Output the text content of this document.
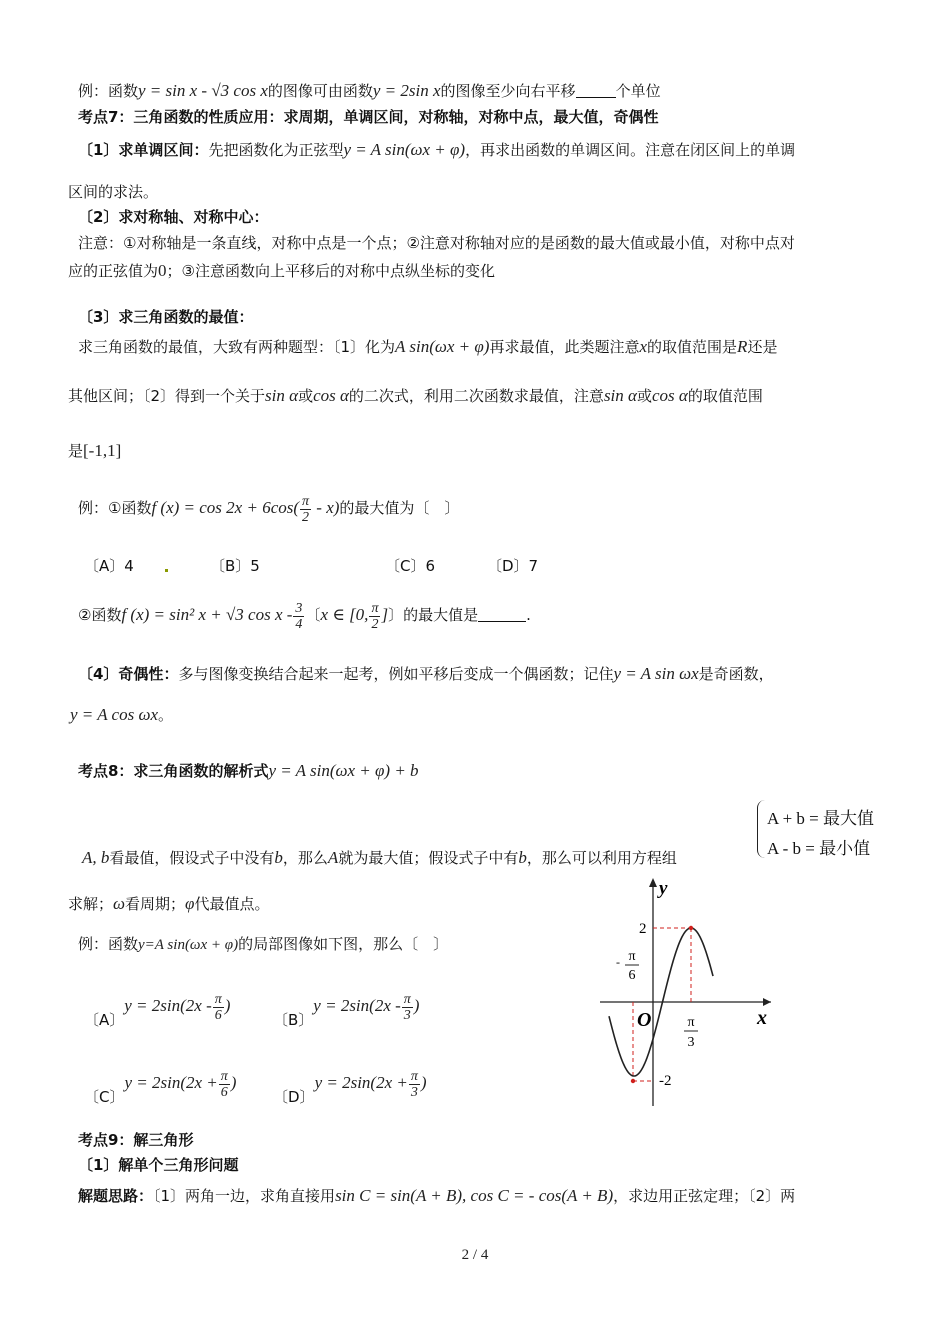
例：函数y = sin x - √3 cos x的图像可由函数y = 2sin x的图像至少向右平移	个单位
考点7：三角函数的性质应用：求周期，单调区间，对称轴，对称中点，最大值，奇偶性
〔1〕求单调区间：先把函数化为正弦型y = A sin(ωx + φ)，再求出函数的单调区间。注意在闭区间上的单调
区间的求法。
〔2〕求对称轴、对称中心：
注意：①对称轴是一条直线，对称中点是一个点；②注意对称轴对应的是函数的最大值或最小值，对称中点对
应的正弦值为0；③注意函数向上平移后的对称中点纵坐标的变化
〔3〕求三角函数的最值：
求三角函数的最值，大致有两种题型：〔1〕化为A sin(ωx + φ)再求最值，此类题注意x的取值范围是R还是
其他区间；〔2〕得到一个关于sin α或cos α的二次式，利用二次函数求最值，注意sin α或cos α的取值范围
是[-1,1]
例：①函数f $(x) = \cos 2x + 6\cos( \frac{\pi}{2} - x)$的最大值为〔　〕
〔A〕4	〔B〕5	〔C〕6	〔D〕7
②函数f (x) = sin² x + √3 cos x - $\frac{3}{4}$ 〔x ∈ [0, $\frac{\pi}{2}$ ]〕的最大值是	.
〔4〕奇偶性：多与图像变换结合起来一起考，例如平移后变成一个偶函数；记住y = A sin ωx是奇函数，
y = A cos ωx。
考点8：求三角函数的解析式y = A sin(ωx + φ) + b
A, b看最值，假设式子中没有b，那么A就为最大值；假设式子中有b，那么可以利用方程组
A + b = 最大值
A - b = 最小值
求解；ω看周期；φ代最值点。
例：函数y=A sin(ωx + φ)的局部图像如下图，那么〔　〕
〔A〕$y = 2\sin(2x - \frac{\pi}{6}$ )
〔B〕$y = 2\sin(2x - \frac{\pi}{3}$ )
〔C〕$y = 2\sin(2x + \frac{\pi}{6}$ )
〔D〕$y = 2\sin(2x + \frac{\pi}{3}$ )
y
x
O
2
-2
- π
6
π
3
考点9：解三角形
〔1〕解单个三角形问题
解题思路：〔1〕两角一边，求角直接用sin C = sin(A + B), cos C = - cos(A + B)，求边用正弦定理；〔2〕两
2 / 4
